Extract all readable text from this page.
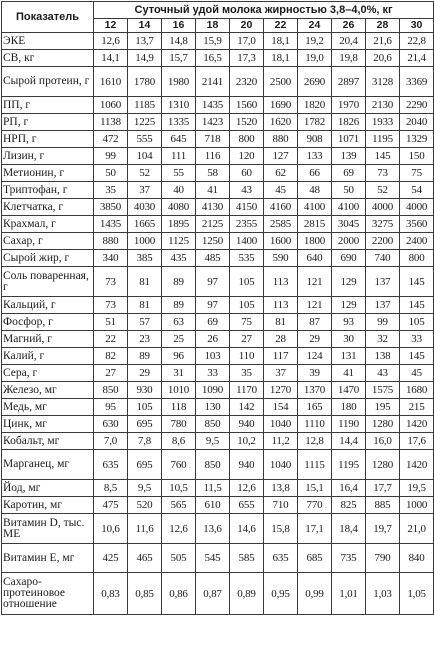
Показатель	Суточный удой молока жирностью 3,8–4,0%, кг									
	12	14	16	18	20	22	24	26	28	30
ЭКЕ	12,6	13,7	14,8	15,9	17,0	18,1	19,2	20,4	21,6	22,8
СВ, кг	14,1	14,9	15,7	16,5	17,3	18,1	19,0	19,8	20,6	21,4
Сырой протеин, г	1610	1780	1980	2141	2320	2500	2690	2897	3128	3369
ПП, г	1060	1185	1310	1435	1560	1690	1820	1970	2130	2290
РП, г	1138	1225	1335	1423	1520	1620	1782	1826	1933	2040
НРП, г	472	555	645	718	800	880	908	1071	1195	1329
Лизин, г	99	104	111	116	120	127	133	139	145	150
Метионин, г	50	52	55	58	60	62	66	69	73	75
Триптофан, г	35	37	40	41	43	45	48	50	52	54
Клетчатка, г	3850	4030	4080	4130	4150	4160	4100	4100	4000	4000
Крахмал, г	1435	1665	1895	2125	2355	2585	2815	3045	3275	3560
Сахар, г	880	1000	1125	1250	1400	1600	1800	2000	2200	2400
Сырой жир, г	340	385	435	485	535	590	640	690	740	800
Соль поваренная, г	73	81	89	97	105	113	121	129	137	145
Кальций, г	73	81	89	97	105	113	121	129	137	145
Фосфор, г	51	57	63	69	75	81	87	93	99	105
Магний, г	22	23	25	26	27	28	29	30	32	33
Калий, г	82	89	96	103	110	117	124	131	138	145
Сера, г	27	29	31	33	35	37	39	41	43	45
Железо, мг	850	930	1010	1090	1170	1270	1370	1470	1575	1680
Медь, мг	95	105	118	130	142	154	165	180	195	215
Цинк, мг	630	695	780	850	940	1040	1110	1190	1280	1420
Кобальт, мг	7,0	7,8	8,6	9,5	10,2	11,2	12,8	14,4	16,0	17,6
Марганец, мг	635	695	760	850	940	1040	1115	1195	1280	1420
Йод, мг	8,5	9,5	10,5	11,5	12,6	13,8	15,1	16,4	17,7	19,5
Каротин, мг	475	520	565	610	655	710	770	825	885	1000
Витамин D, тыс. МЕ	10,6	11,6	12,6	13,6	14,6	15,8	17,1	18,4	19,7	21,0
Витамин E, мг	425	465	505	545	585	635	685	735	790	840
Сахаро-протеиновое отношение	0,83	0,85	0,86	0,87	0,89	0,95	0,99	1,01	1,03	1,05
